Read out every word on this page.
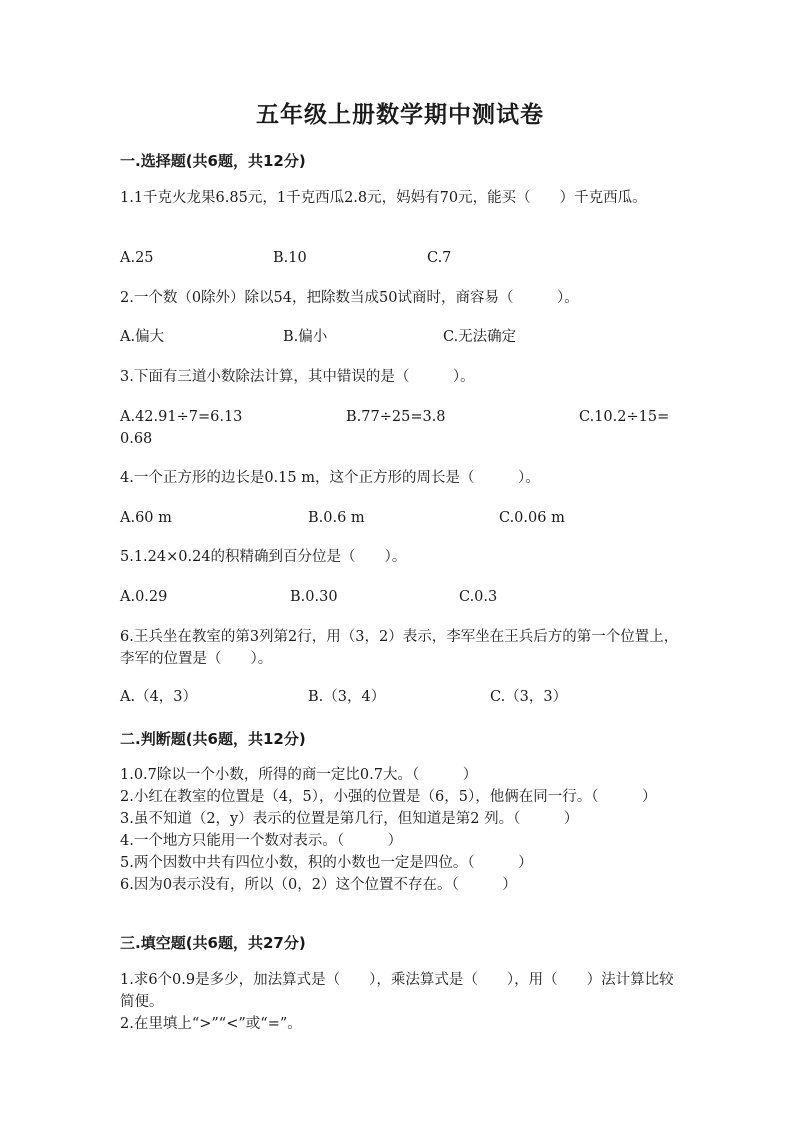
五年级上册数学期中测试卷
一.选择题(共6题，共12分)
1.1千克火龙果6.85元，1千克西瓜2.8元，妈妈有70元，能买（　　）千克西瓜。
A.25	B.10	C.7
2.一个数（0除外）除以54，把除数当成50试商时，商容易（　　　）。
A.偏大	B.偏小	C.无法确定
3.下面有三道小数除法计算，其中错误的是（　　　）。
A.42.91÷7=6.13	B.77÷25=3.8	C.10.2÷15=
0.68
4.一个正方形的边长是0.15 m，这个正方形的周长是（　　　）。
A.60 m	B.0.6 m	C.0.06 m
5.1.24×0.24的积精确到百分位是（　　）。
A.0.29	B.0.30	C.0.3
6.王兵坐在教室的第3列第2行，用（3，2）表示，李军坐在王兵后方的第一个位置上，李军的位置是（　　）。
A.（4，3）	B.（3，4）	C.（3，3）
二.判断题(共6题，共12分)
1.0.7除以一个小数，所得的商一定比0.7大。（　　　）
2.小红在教室的位置是（4，5），小强的位置是（6，5），他俩在同一行。（　　　）
3.虽不知道（2，y）表示的位置是第几行，但知道是第2 列。（　　　）
4.一个地方只能用一个数对表示。（　　　）
5.两个因数中共有四位小数，积的小数也一定是四位。（　　　）
6.因为0表示没有，所以（0，2）这个位置不存在。（　　　）
三.填空题(共6题，共27分)
1.求6个0.9是多少，加法算式是（　　），乘法算式是（　　），用（　　）法计算比较简便。
2.在里填上“>”“<”或“=”。
